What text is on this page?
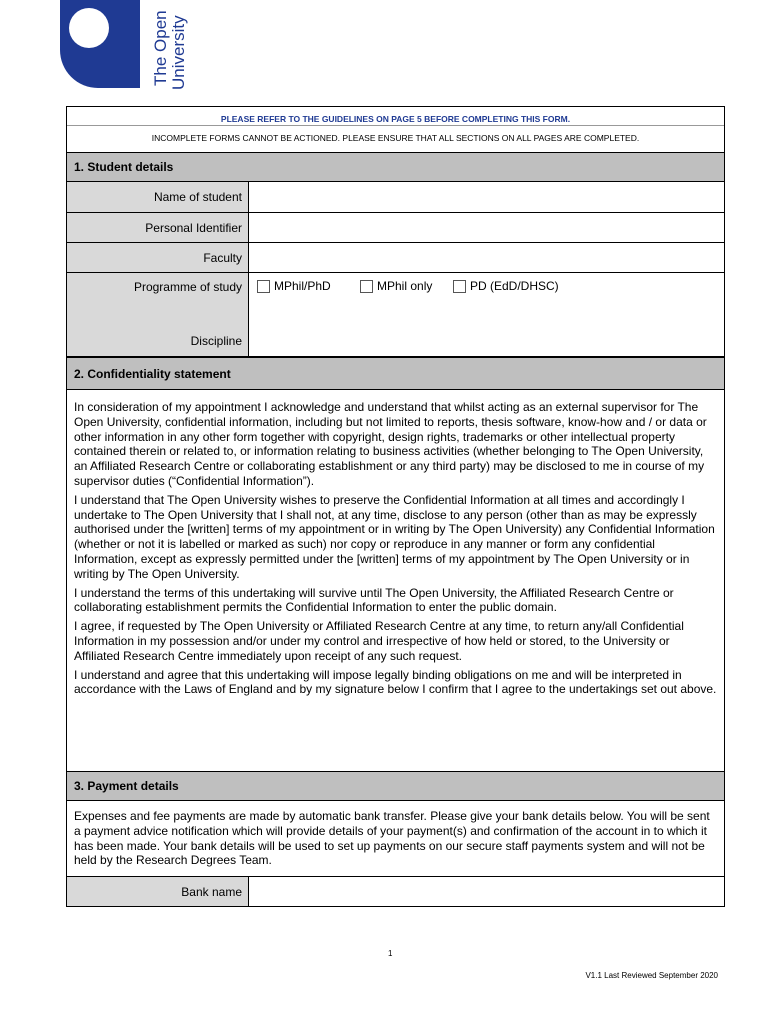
The Open University
PLEASE REFER TO THE GUIDELINES ON PAGE 5 BEFORE COMPLETING THIS FORM.
INCOMPLETE FORMS CANNOT BE ACTIONED. PLEASE ENSURE THAT ALL SECTIONS ON ALL PAGES ARE COMPLETED.
1. Student details
Name of student
Personal Identifier
Faculty
Programme of study
Discipline
MPhil/PhD	MPhil only	PD (EdD/DHSC)
2. Confidentiality statement

In consideration of my appointment I acknowledge and understand that whilst acting as an external supervisor for The Open University, confidential information, including but not limited to reports, thesis software, know-how and / or data or other information in any other form together with copyright, design rights, trademarks or other intellectual property contained therein or related to, or information relating to business activities (whether belonging to The Open University, an Affiliated Research Centre or collaborating establishment or any third party) may be disclosed to me in course of my supervisor duties (“Confidential Information”).

I understand that The Open University wishes to preserve the Confidential Information at all times and accordingly I undertake to The Open University that I shall not, at any time, disclose to any person (other than as may be expressly authorised under the [written] terms of my appointment or in writing by The Open University) any Confidential Information (whether or not it is labelled or marked as such) nor copy or reproduce in any manner or form any confidential Information, except as expressly permitted under the [written] terms of my appointment by The Open University or in writing by The Open University.

I understand the terms of this undertaking will survive until The Open University, the Affiliated Research Centre or collaborating establishment permits the Confidential Information to enter the public domain.

I agree, if requested by The Open University or Affiliated Research Centre at any time, to return any/all Confidential Information in my possession and/or under my control and irrespective of how held or stored, to the University or Affiliated Research Centre immediately upon receipt of any such request.

I understand and agree that this undertaking will impose legally binding obligations on me and will be interpreted in accordance with the Laws of England and by my signature below I confirm that I agree to the undertakings set out above.

3. Payment details

Expenses and fee payments are made by automatic bank transfer. Please give your bank details below. You will be sent a payment advice notification which will provide details of your payment(s) and confirmation of the account in to which it has been made. Your bank details will be used to set up payments on our secure staff payments system and will not be held by the Research Degrees Team.

Bank name
1
V1.1 Last Reviewed September 2020
